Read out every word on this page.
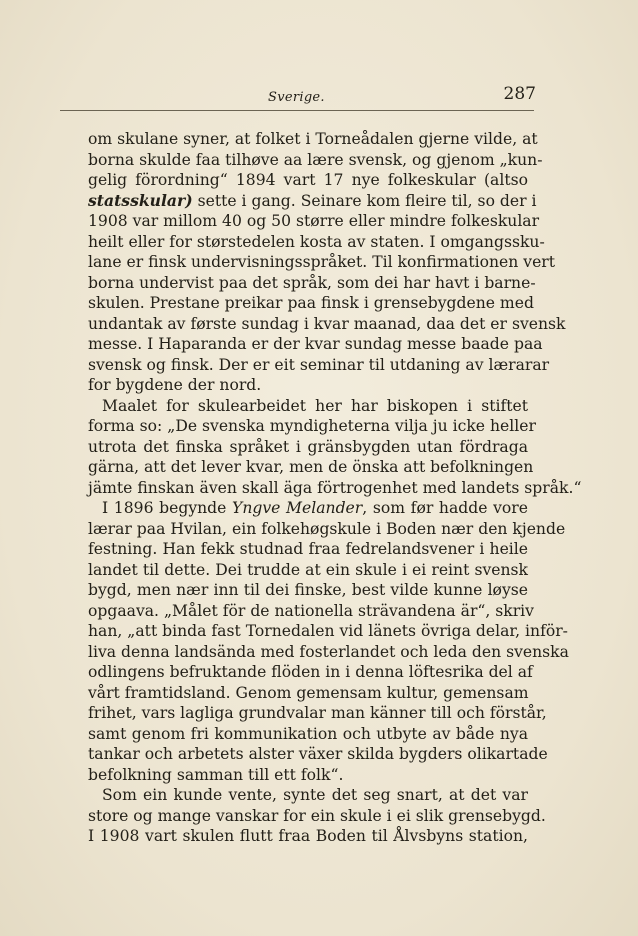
Sverige.	287

om skulane syner, at folket i Torneådalen gjerne vilde, at
borna skulde faa tilhøve aa lære svensk, og gjenom „kun-
gelig förordning“ 1894 vart 17 nye folkeskular (altso
statsskular) sette i gang. Seinare kom fleire til, so der i
1908 var millom 40 og 50 større eller mindre folkeskular
heilt eller for størstedelen kosta av staten. I omgangssku-
lane er finsk undervisningsspråket. Til konfirmationen vert
borna undervist paa det språk, som dei har havt i barne-
skulen. Prestane preikar paa finsk i grensebygdene med
undantak av første sundag i kvar maanad, daa det er svensk
messe. I Haparanda er der kvar sundag messe baade paa
svensk og finsk. Der er eit seminar til utdaning av lærarar
for bygdene der nord.
Maalet for skulearbeidet her har biskopen i stiftet
forma so: „De svenska myndigheterna vilja ju icke heller
utrota det finska språket i gränsbygden utan fördraga
gärna, att det lever kvar, men de önska att befolkningen
jämte finskan även skall äga förtrogenhet med landets språk.“
I 1896 begynde Yngve Melander, som før hadde vore
lærar paa Hvilan, ein folkehøgskule i Boden nær den kjende
festning. Han fekk studnad fraa fedrelandsvener i heile
landet til dette. Dei trudde at ein skule i ei reint svensk
bygd, men nær inn til dei finske, best vilde kunne løyse
opgaava. „Målet för de nationella strävandena är“, skriv
han, „att binda fast Tornedalen vid länets övriga delar, inför-
liva denna landsända med fosterlandet och leda den svenska
odlingens befruktande flöden in i denna löftesrika del af
vårt framtidsland. Genom gemensam kultur, gemensam
frihet, vars lagliga grundvalar man känner till och förstår,
samt genom fri kommunikation och utbyte av både nya
tankar och arbetets alster växer skilda bygders olikartade
befolkning samman till ett folk“.
Som ein kunde vente, synte det seg snart, at det var
store og mange vanskar for ein skule i ei slik grensebygd.
I 1908 vart skulen flutt fraa Boden til Ålvsbyns station,
